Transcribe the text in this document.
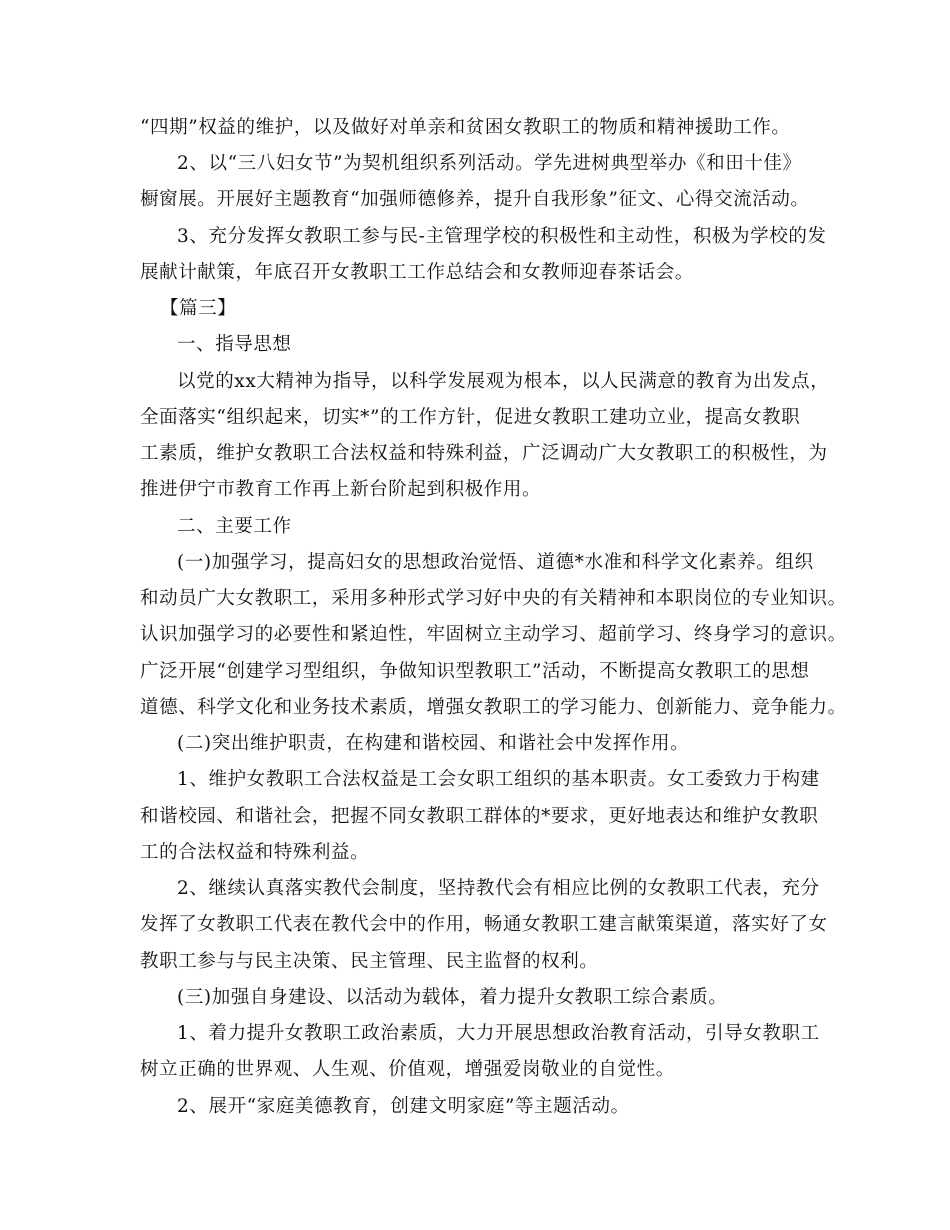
“四期”权益的维护，以及做好对单亲和贫困女教职工的物质和精神援助工作。
2、以“三八妇女节”为契机组织系列活动。学先进树典型举办《和田十佳》
橱窗展。开展好主题教育“加强师德修养，提升自我形象”征文、心得交流活动。
3、充分发挥女教职工参与民-主管理学校的积极性和主动性，积极为学校的发
展献计献策，年底召开女教职工工作总结会和女教师迎春茶话会。
【篇三】
一、指导思想
以党的xx大精神为指导，以科学发展观为根本，以人民满意的教育为出发点，
全面落实“组织起来，切实*”的工作方针，促进女教职工建功立业，提高女教职
工素质，维护女教职工合法权益和特殊利益，广泛调动广大女教职工的积极性，为
推进伊宁市教育工作再上新台阶起到积极作用。
二、主要工作
(一)加强学习，提高妇女的思想政治觉悟、道德*水准和科学文化素养。组织
和动员广大女教职工，采用多种形式学习好中央的有关精神和本职岗位的专业知识。
认识加强学习的必要性和紧迫性，牢固树立主动学习、超前学习、终身学习的意识。
广泛开展“创建学习型组织，争做知识型教职工”活动，不断提高女教职工的思想
道德、科学文化和业务技术素质，增强女教职工的学习能力、创新能力、竞争能力。
(二)突出维护职责，在构建和谐校园、和谐社会中发挥作用。
1、维护女教职工合法权益是工会女职工组织的基本职责。女工委致力于构建
和谐校园、和谐社会，把握不同女教职工群体的*要求，更好地表达和维护女教职
工的合法权益和特殊利益。
2、继续认真落实教代会制度，坚持教代会有相应比例的女教职工代表，充分
发挥了女教职工代表在教代会中的作用，畅通女教职工建言献策渠道，落实好了女
教职工参与与民主决策、民主管理、民主监督的权利。
(三)加强自身建设、以活动为载体，着力提升女教职工综合素质。
1、着力提升女教职工政治素质，大力开展思想政治教育活动，引导女教职工
树立正确的世界观、人生观、价值观，增强爱岗敬业的自觉性。
2、展开“家庭美德教育，创建文明家庭”等主题活动。
